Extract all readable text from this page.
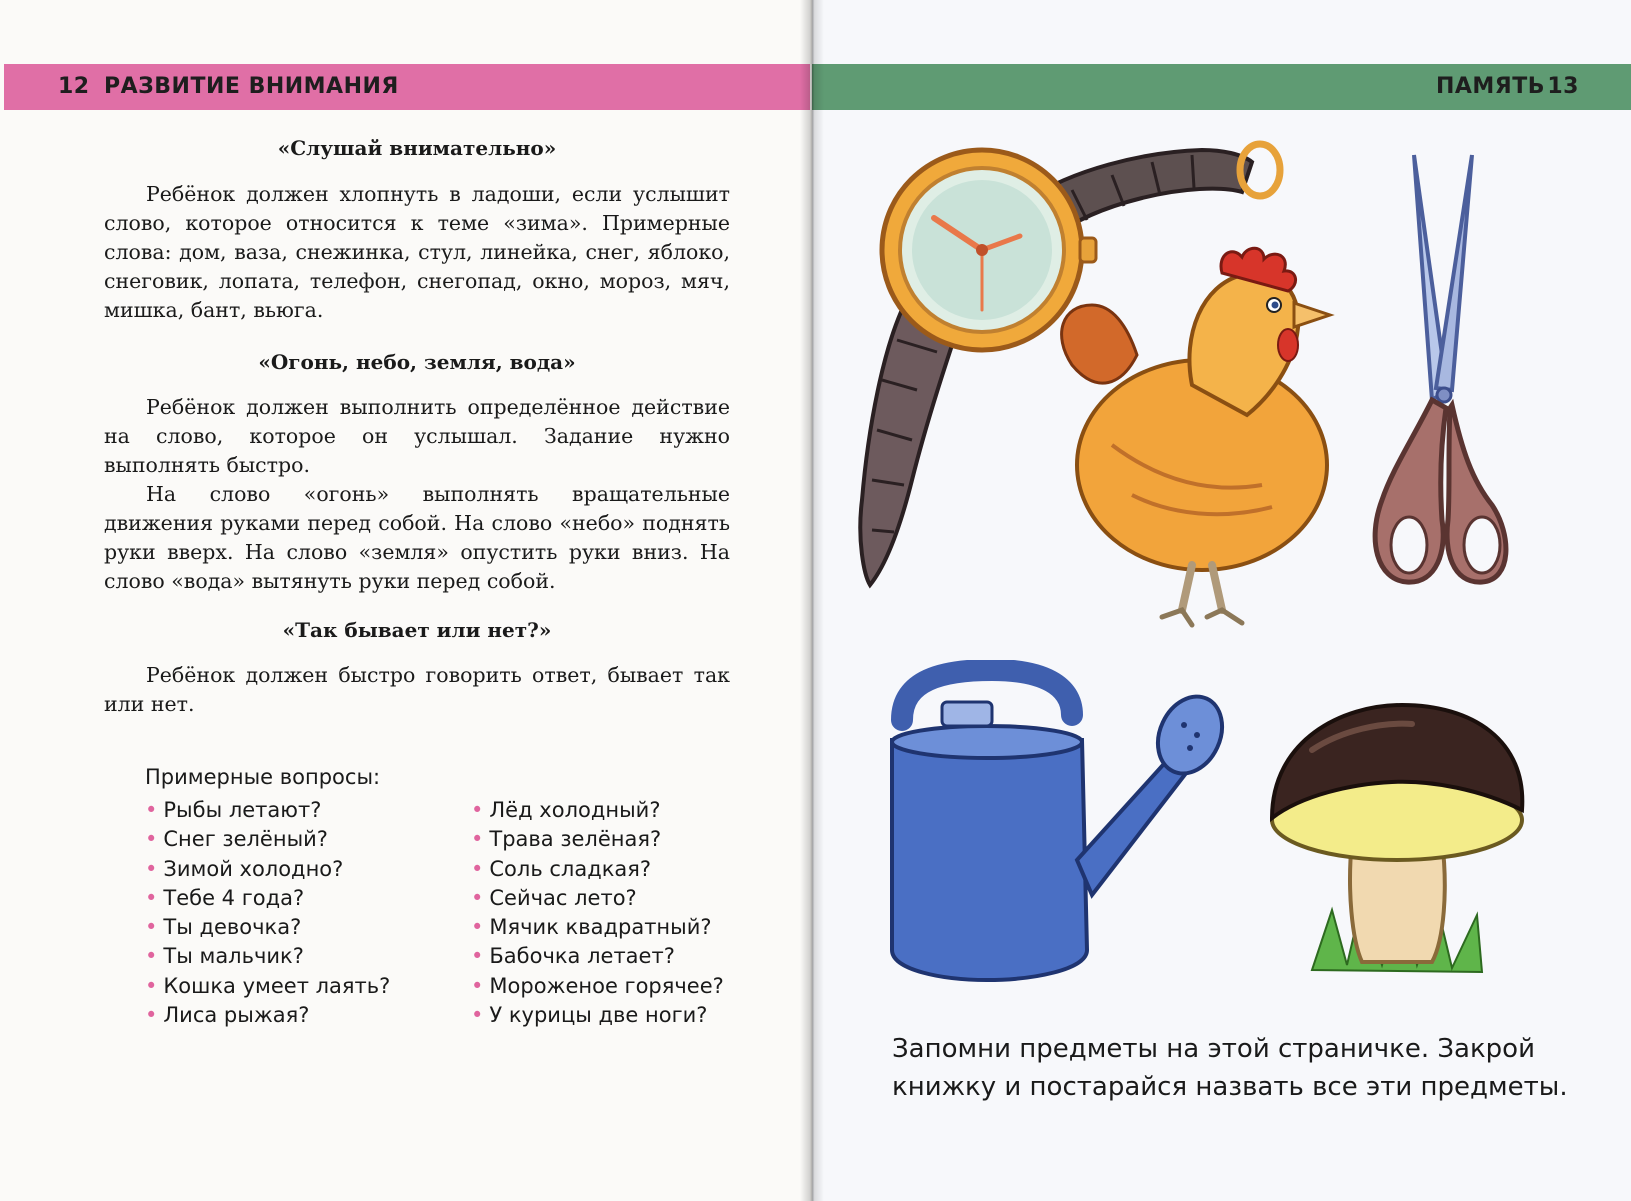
12 РАЗВИТИЕ ВНИМАНИЯ
«Слушай внимательно»

Ребёнок должен хлопнуть в ладоши, если услышит слово, которое относится к теме «зима». Примерные слова: дом, ваза, снежинка, стул, линейка, снег, яблоко, снеговик, лопата, телефон, снегопад, окно, мороз, мяч, мишка, бант, вьюга.

«Огонь, небо, земля, вода»

Ребёнок должен выполнить определённое действие на слово, которое он услышал. Задание нужно выполнять быстро.

На слово «огонь» выполнять вращательные движения руками перед собой. На слово «небо» поднять руки вверх. На слово «земля» опустить руки вниз. На слово «вода» вытянуть руки перед собой.

«Так бывает или нет?»

Ребёнок должен быстро говорить ответ, бывает так или нет.

Примерные вопросы:
• Рыбы летают?
• Снег зелёный?
• Зимой холодно?
• Тебе 4 года?
• Ты девочка?
• Ты мальчик?
• Кошка умеет лаять?
• Лиса рыжая?
• Лёд холодный?
• Трава зелёная?
• Соль сладкая?
• Сейчас лето?
• Мячик квадратный?
• Бабочка летает?
• Мороженое горячее?
• У курицы две ноги?
13
ПАМЯТЬ
Запомни предметы на этой страничке. Закрой книжку и постарайся назвать все эти предметы.
